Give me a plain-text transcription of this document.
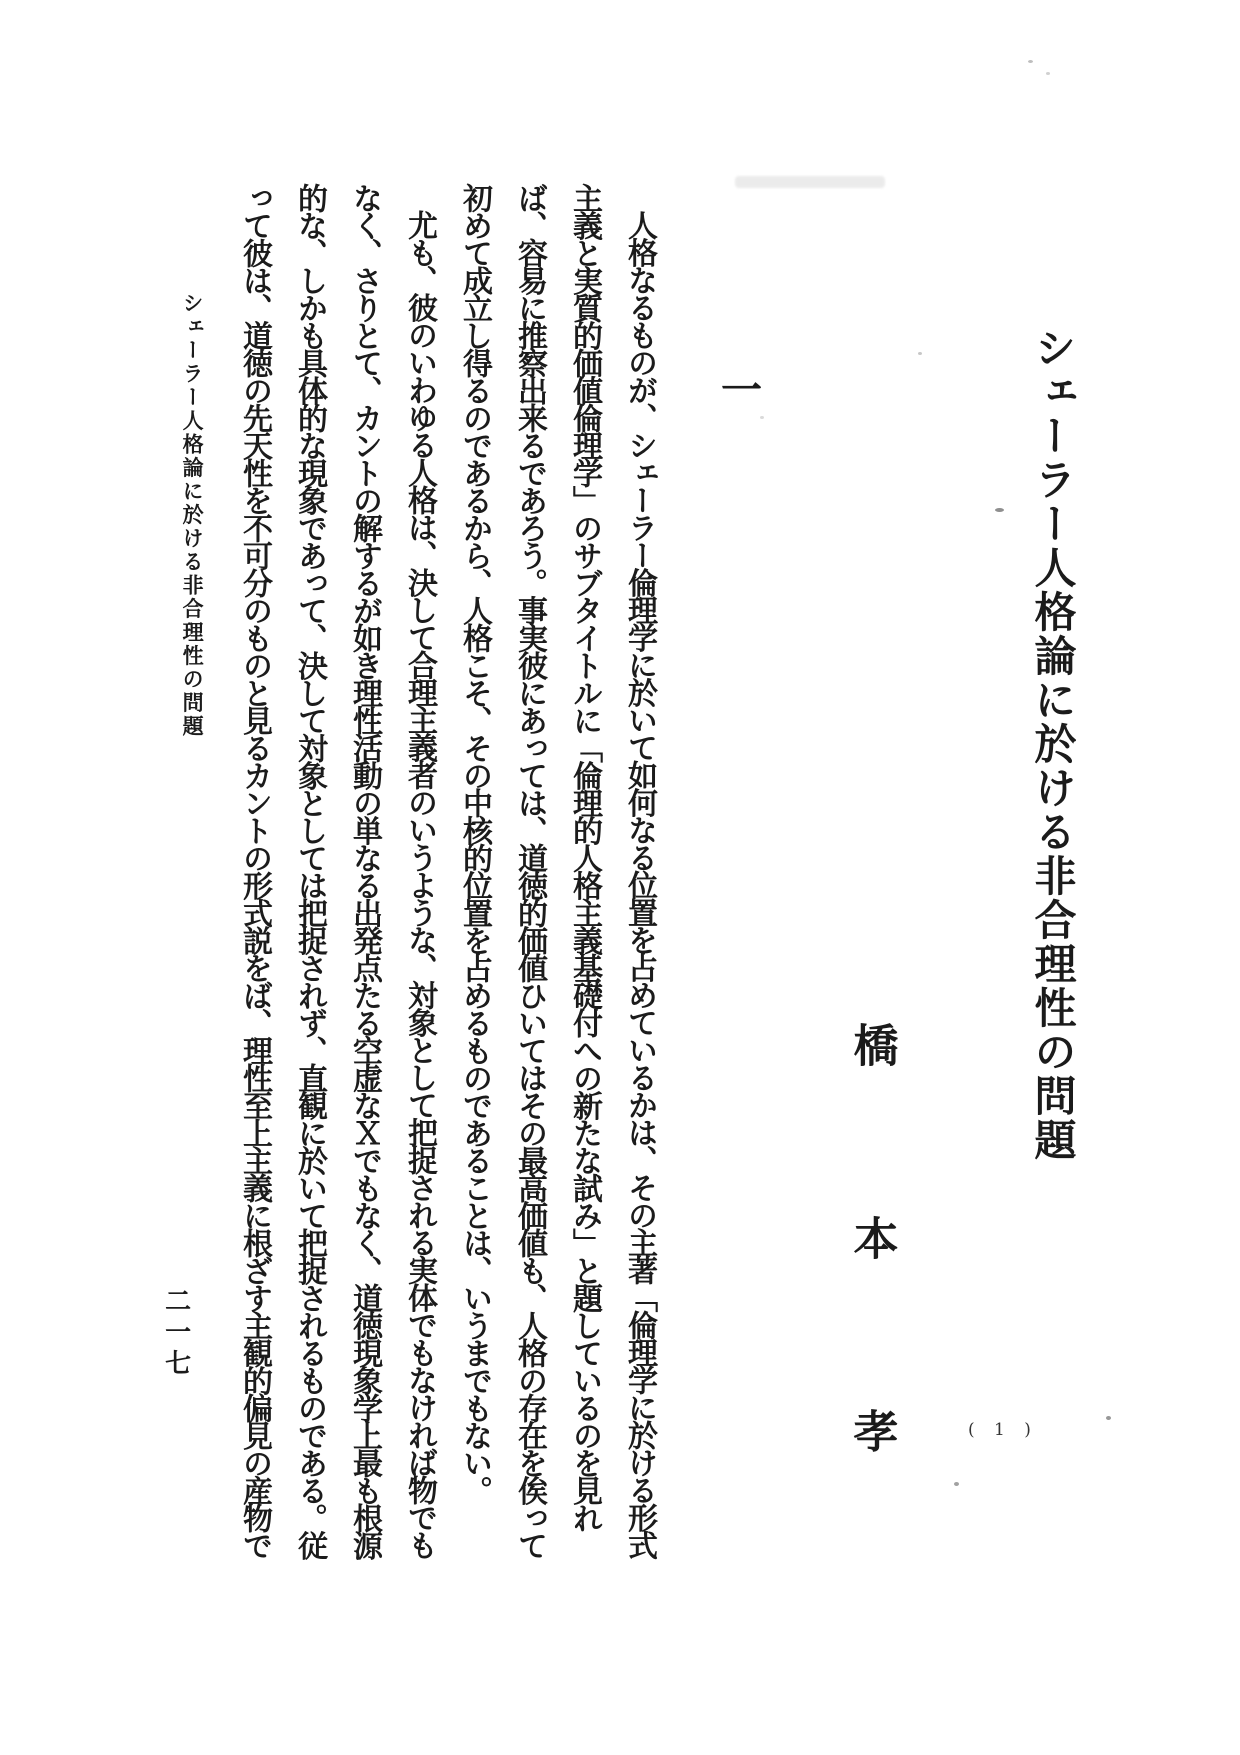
シェーラー人格論に於ける非合理性の問題
橋本孝
一

人格なるものが、シェーラー倫理学に於いて如何なる位置を占めているかは、その主著「倫理学に於ける形式主義と実質的価値倫理学」のサブタイトルに「倫理的人格主義基礎付への新たな試み」と題しているのを見れば、容易に推察出来るであろう。事実彼にあっては、道徳的価値ひいてはその最高価値も、人格の存在を俟って初めて成立し得るのであるから、人格こそ、その中核的位置を占めるものであることは、いうまでもない。

尤も、彼のいわゆる人格は、決して合理主義者のいうような、対象として把捉される実体でもなければ物でもなく、さりとて、カントの解するが如き理性活動の単なる出発点たる空虚なＸでもなく、道徳現象学上最も根源的な、しかも具体的な現象であって、決して対象としては把捉されず、直観に於いて把捉されるものである。従って彼は、道徳の先天性を不可分のものと見るカントの形式説をば、理性至上主義に根ざす主観的偏見の産物で

シェーラー人格論に於ける非合理性の問題
二一七
( 1 )
